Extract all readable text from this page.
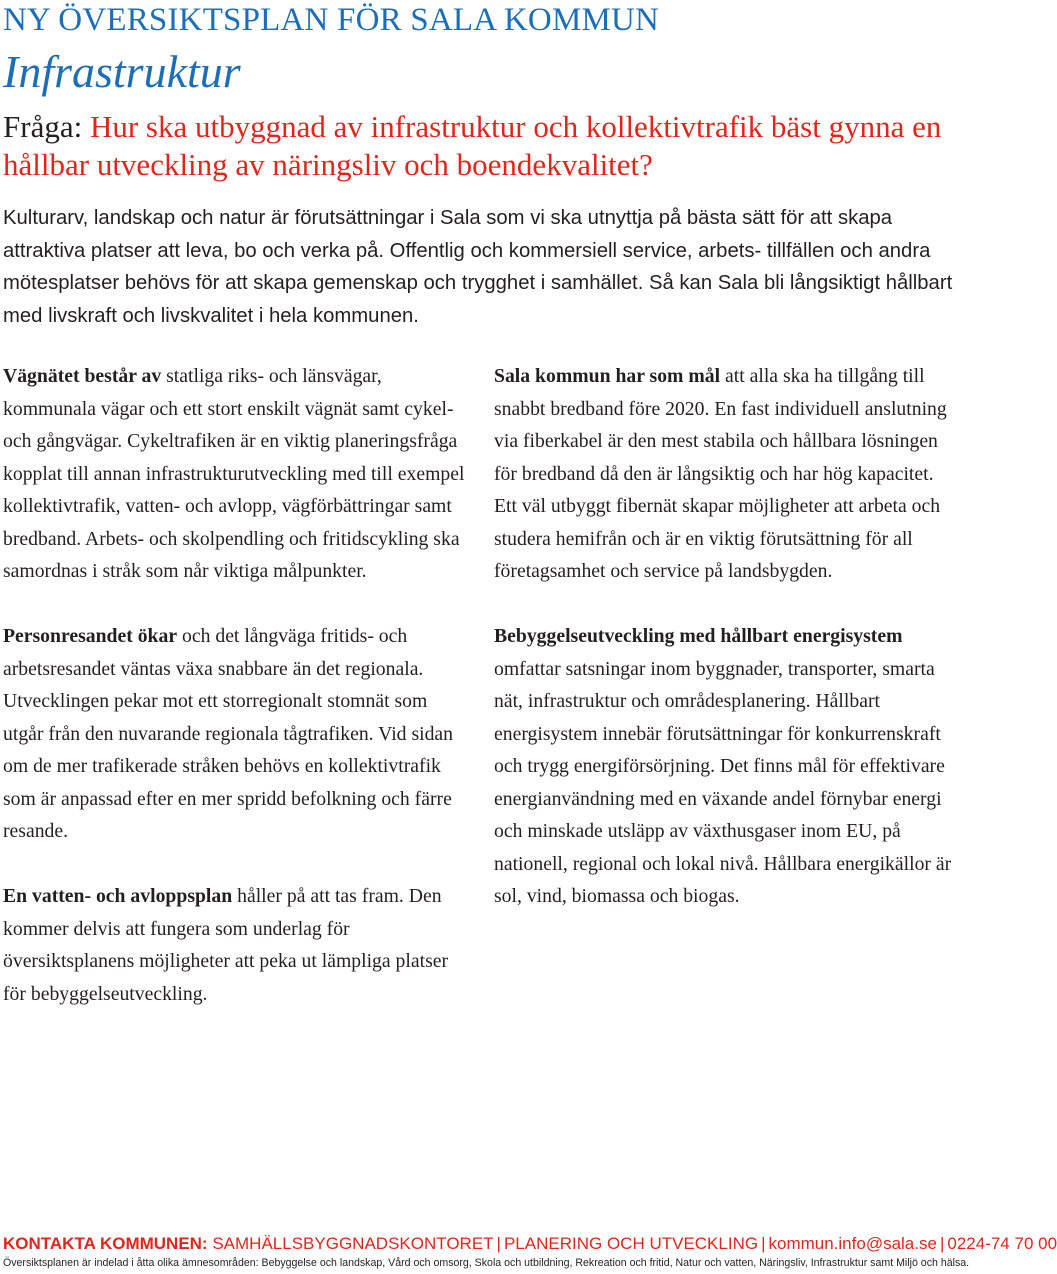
NY ÖVERSIKTSPLAN FÖR SALA KOMMUN
Infrastruktur
Fråga: Hur ska utbyggnad av infrastruktur och kollektivtrafik bäst gynna en hållbar utveckling av näringsliv och boendekvalitet?
Kulturarv, landskap och natur är förutsättningar i Sala som vi ska utnyttja på bästa sätt för att skapa attraktiva platser att leva, bo och verka på. Offentlig och kommersiell service, arbets- tillfällen och andra mötesplatser behövs för att skapa gemenskap och trygghet i samhället. Så kan Sala bli långsiktigt hållbart med livskraft och livskvalitet i hela kommunen.

Vägnätet består av statliga riks- och länsvägar, kommunala vägar och ett stort enskilt vägnät samt cykel- och gångvägar. Cykeltrafiken är en viktig planeringsfråga kopplat till annan infrastrukturutveckling med till exempel kollektivtrafik, vatten- och avlopp, vägförbättringar samt bredband. Arbets- och skolpendling och fritidscykling ska samordnas i stråk som når viktiga målpunkter.

Personresandet ökar och det långväga fritids- och arbetsresandet väntas växa snabbare än det regionala. Utvecklingen pekar mot ett storregionalt stomnät som utgår från den nuvarande regionala tågtrafiken. Vid sidan om de mer trafikerade stråken behövs en kollektivtrafik som är anpassad efter en mer spridd befolkning och färre resande.

En vatten- och avloppsplan håller på att tas fram. Den kommer delvis att fungera som underlag för översiktsplanens möjligheter att peka ut lämpliga platser för bebyggelseutveckling.

Sala kommun har som mål att alla ska ha tillgång till snabbt bredband före 2020. En fast individuell anslutning via fiberkabel är den mest stabila och hållbara lösningen för bredband då den är långsiktig och har hög kapacitet. Ett väl utbyggt fibernät skapar möjligheter att arbeta och studera hemifrån och är en viktig förutsättning för all företagsamhet och service på landsbygden.

Bebyggelseutveckling med hållbart energisystem omfattar satsningar inom byggnader, transporter, smarta nät, infrastruktur och områdesplanering. Hållbart energisystem innebär förutsättningar för konkurrenskraft och trygg energiförsörjning. Det finns mål för effektivare energianvändning med en växande andel förnybar energi och minskade utsläpp av växthusgaser inom EU, på nationell, regional och lokal nivå. Hållbara energikällor är sol, vind, biomassa och biogas.

KONTAKTA KOMMUNEN: SAMHÄLLSBYGGNADSKONTORET | PLANERING OCH UTVECKLING | kommun.info@sala.se | 0224-74 70 00
Översiktsplanen är indelad i åtta olika ämnesområden: Bebyggelse och landskap, Vård och omsorg, Skola och utbildning, Rekreation och fritid, Natur och vatten, Näringsliv, Infrastruktur samt Miljö och hälsa.
